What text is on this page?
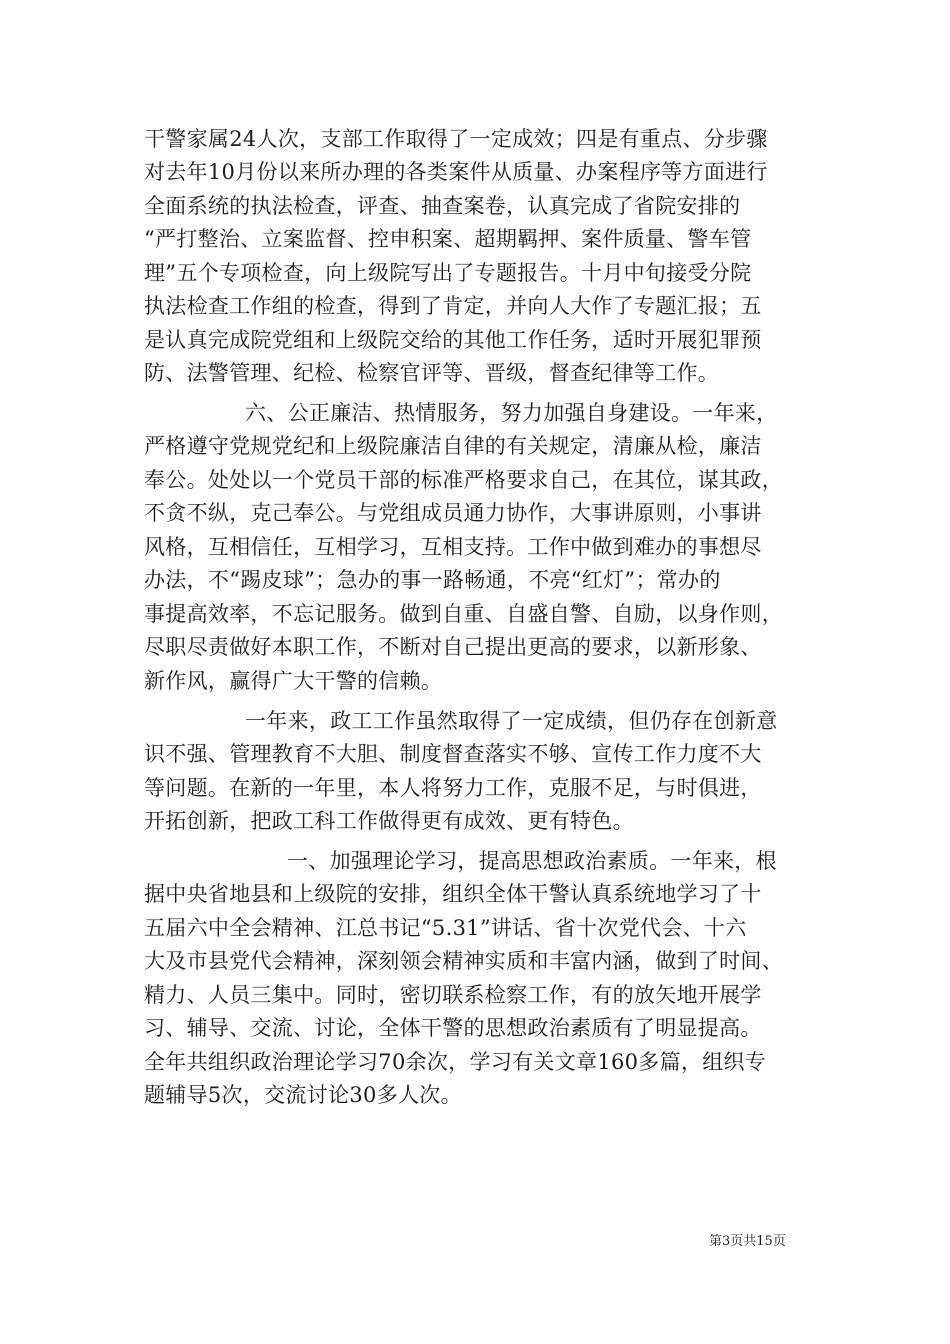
干警家属24人次，支部工作取得了一定成效；四是有重点、分步骤
对去年10月份以来所办理的各类案件从质量、办案程序等方面进行
全面系统的执法检查，评查、抽查案卷，认真完成了省院安排的
“严打整治、立案监督、控申积案、超期羁押、案件质量、警车管
理”五个专项检查，向上级院写出了专题报告。十月中旬接受分院
执法检查工作组的检查，得到了肯定，并向人大作了专题汇报；五
是认真完成院党组和上级院交给的其他工作任务，适时开展犯罪预
防、法警管理、纪检、检察官评等、晋级，督查纪律等工作。
六、公正廉洁、热情服务，努力加强自身建设。一年来，
严格遵守党规党纪和上级院廉洁自律的有关规定，清廉从检，廉洁
奉公。处处以一个党员干部的标准严格要求自己，在其位，谋其政，
不贪不纵，克己奉公。与党组成员通力协作，大事讲原则，小事讲
风格，互相信任，互相学习，互相支持。工作中做到难办的事想尽
办法，不“踢皮球”；急办的事一路畅通，不亮“红灯”；常办的
事提高效率，不忘记服务。做到自重、自盛自警、自励，以身作则，
尽职尽责做好本职工作，不断对自己提出更高的要求，以新形象、
新作风，赢得广大干警的信赖。
一年来，政工工作虽然取得了一定成绩，但仍存在创新意
识不强、管理教育不大胆、制度督查落实不够、宣传工作力度不大
等问题。在新的一年里，本人将努力工作，克服不足，与时俱进，
开拓创新，把政工科工作做得更有成效、更有特色。
一、加强理论学习，提高思想政治素质。一年来，根
据中央省地县和上级院的安排，组织全体干警认真系统地学习了十
五届六中全会精神、江总书记“5.31”讲话、省十次党代会、十六
大及市县党代会精神，深刻领会精神实质和丰富内涵，做到了时间、
精力、人员三集中。同时，密切联系检察工作，有的放矢地开展学
习、辅导、交流、讨论，全体干警的思想政治素质有了明显提高。
全年共组织政治理论学习70余次，学习有关文章160多篇，组织专
题辅导5次，交流讨论30多人次。
第3页共15页
